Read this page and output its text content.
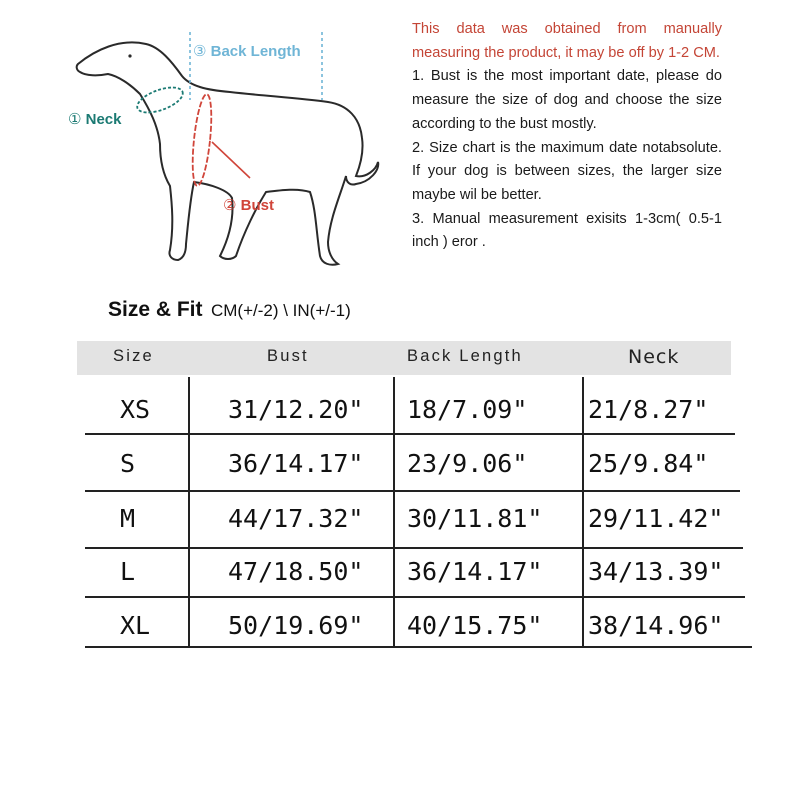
③ Back Length
① Neck
② Bust

This data was obtained from manually measuring the product, it may be off by 1-2 CM.

1. Bust is the most important date, please do measure the size of dog and choose the size according to the bust mostly.

2. Size chart is the maximum date notabsolute. If your dog is between sizes, the larger size maybe wil be better.

3. Manual measurement exisits 1-3cm( 0.5-1 inch ) eror .

Size & Fit CM(+/-2) \ IN(+/-1)
Size	Bust	Back Length	Neck
XS	31/12.20" 18/7.09" 21/8.27"
S	36/14.17" 23/9.06" 25/9.84"
M	44/17.32" 30/11.81" 29/11.42"
L	47/18.50" 36/14.17" 34/13.39"
XL	50/19.69" 40/15.75" 38/14.96"
